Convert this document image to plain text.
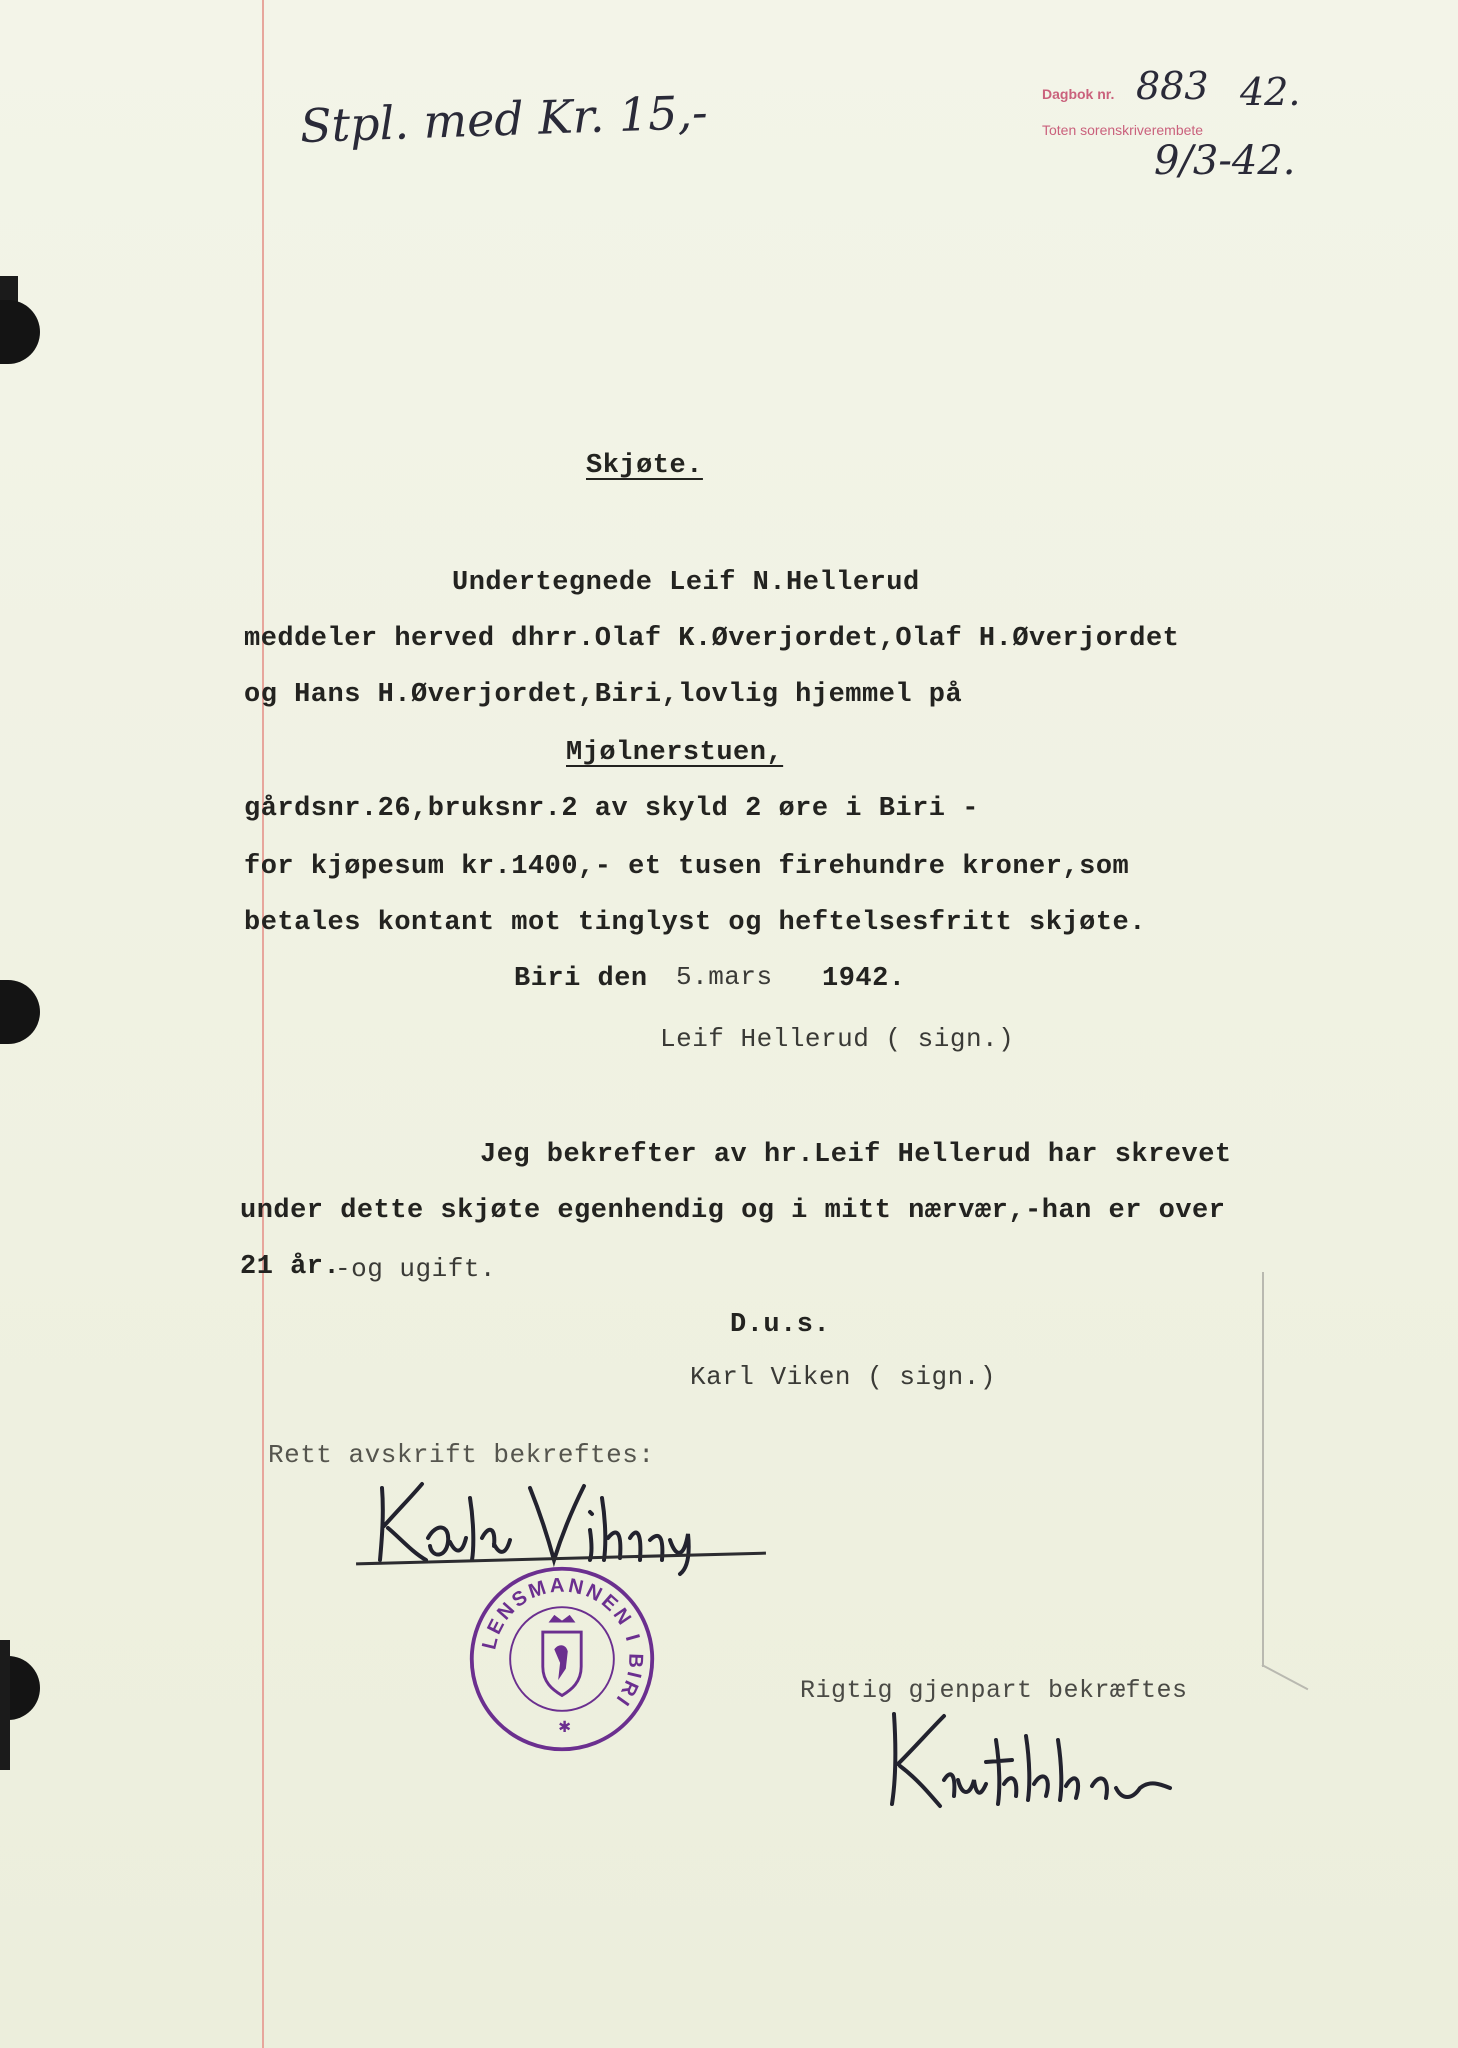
Stpl. med Kr. 15,-	Dagbok nr. 883 42.
Toten sorenskriverembete
9/3-42.
Skjøte.
Undertegnede Leif N.Hellerud
meddeler herved dhrr.Olaf K.Øverjordet,Olaf H.Øverjordet
og Hans H.Øverjordet,Biri,lovlig hjemmel på
Mjølnerstuen,
gårdsnr.26,bruksnr.2 av skyld 2 øre i Biri -
for kjøpesum kr.1400,- et tusen firehundre kroner,som
betales kontant mot tinglyst og heftelsesfritt skjøte.
Biri den 5.mars 1942.
Leif Hellerud ( sign.)
Jeg bekrefter av hr.Leif Hellerud har skrevet
under dette skjøte egenhendig og i mitt nærvær,-han er over
21 år.
-og ugift.
D.u.s.
Karl Viken ( sign.)
Rett avskrift bekreftes:
LENSMANNEN I BIRI
✱
Rigtig gjenpart bekræftes
